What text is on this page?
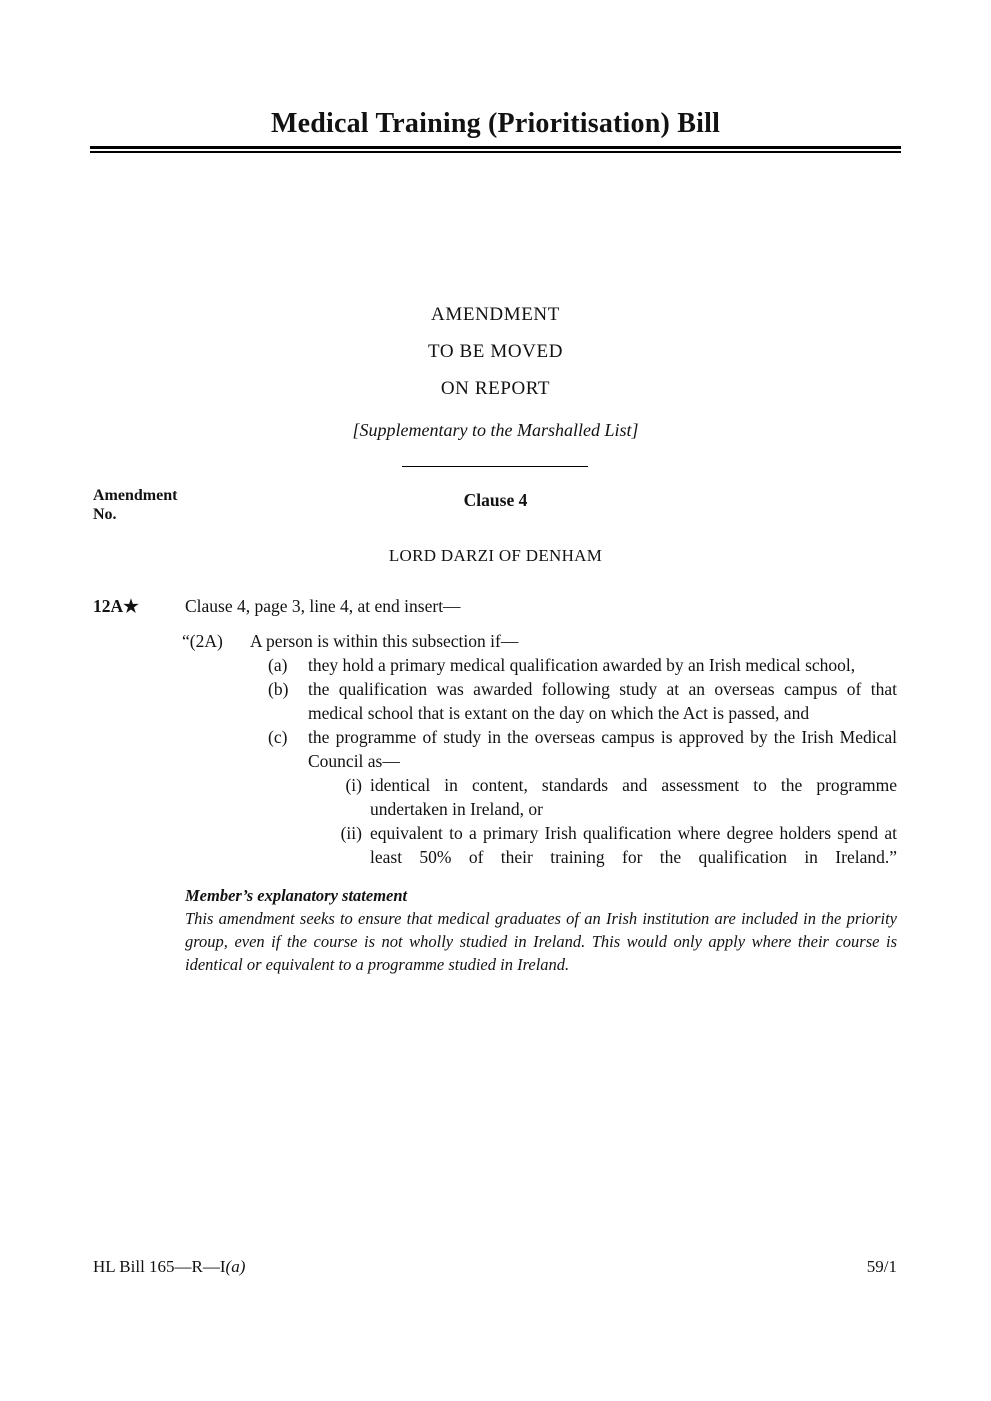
Medical Training (Prioritisation) Bill
AMENDMENT
TO BE MOVED
ON REPORT
[Supplementary to the Marshalled List]
Amendment
No.
Clause 4
LORD DARZI OF DENHAM
12A★	Clause 4, page 3, line 4, at end insert—
“(2A)	A person is within this subsection if—
(a)	they hold a primary medical qualification awarded by an Irish medical school,
(b)	the qualification was awarded following study at an overseas campus of that medical school that is extant on the day on which the Act is passed, and
(c)	the programme of study in the overseas campus is approved by the Irish Medical Council as—
(i) identical in content, standards and assessment to the programme undertaken in Ireland, or
(ii) equivalent to a primary Irish qualification where degree holders spend at least 50% of their training for the qualification in Ireland.”
Member’s explanatory statement
This amendment seeks to ensure that medical graduates of an Irish institution are included in the priority group, even if the course is not wholly studied in Ireland. This would only apply where their course is identical or equivalent to a programme studied in Ireland.
HL Bill 165—R—I(a)	59/1
